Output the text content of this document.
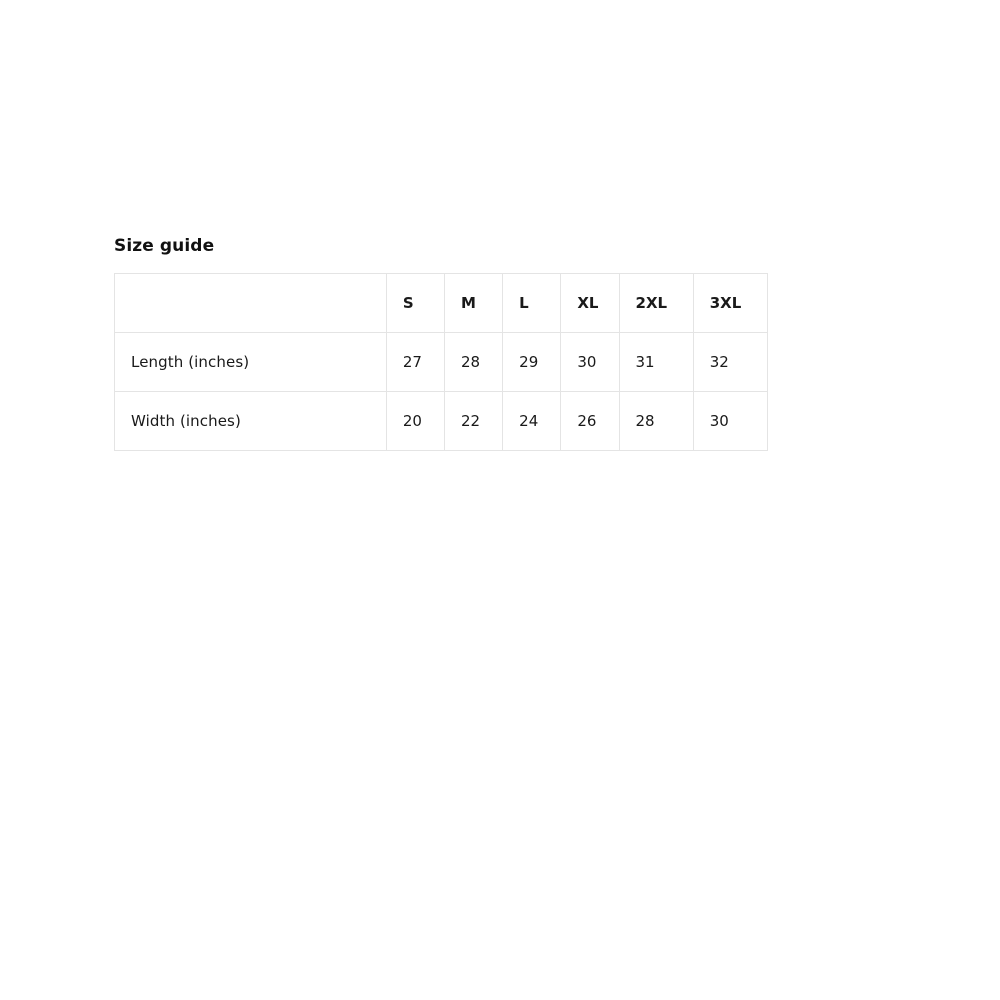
Size guide
	S	M	L	XL	2XL	3XL
Length (inches)	27	28	29	30	31	32
Width (inches)	20	22	24	26	28	30
